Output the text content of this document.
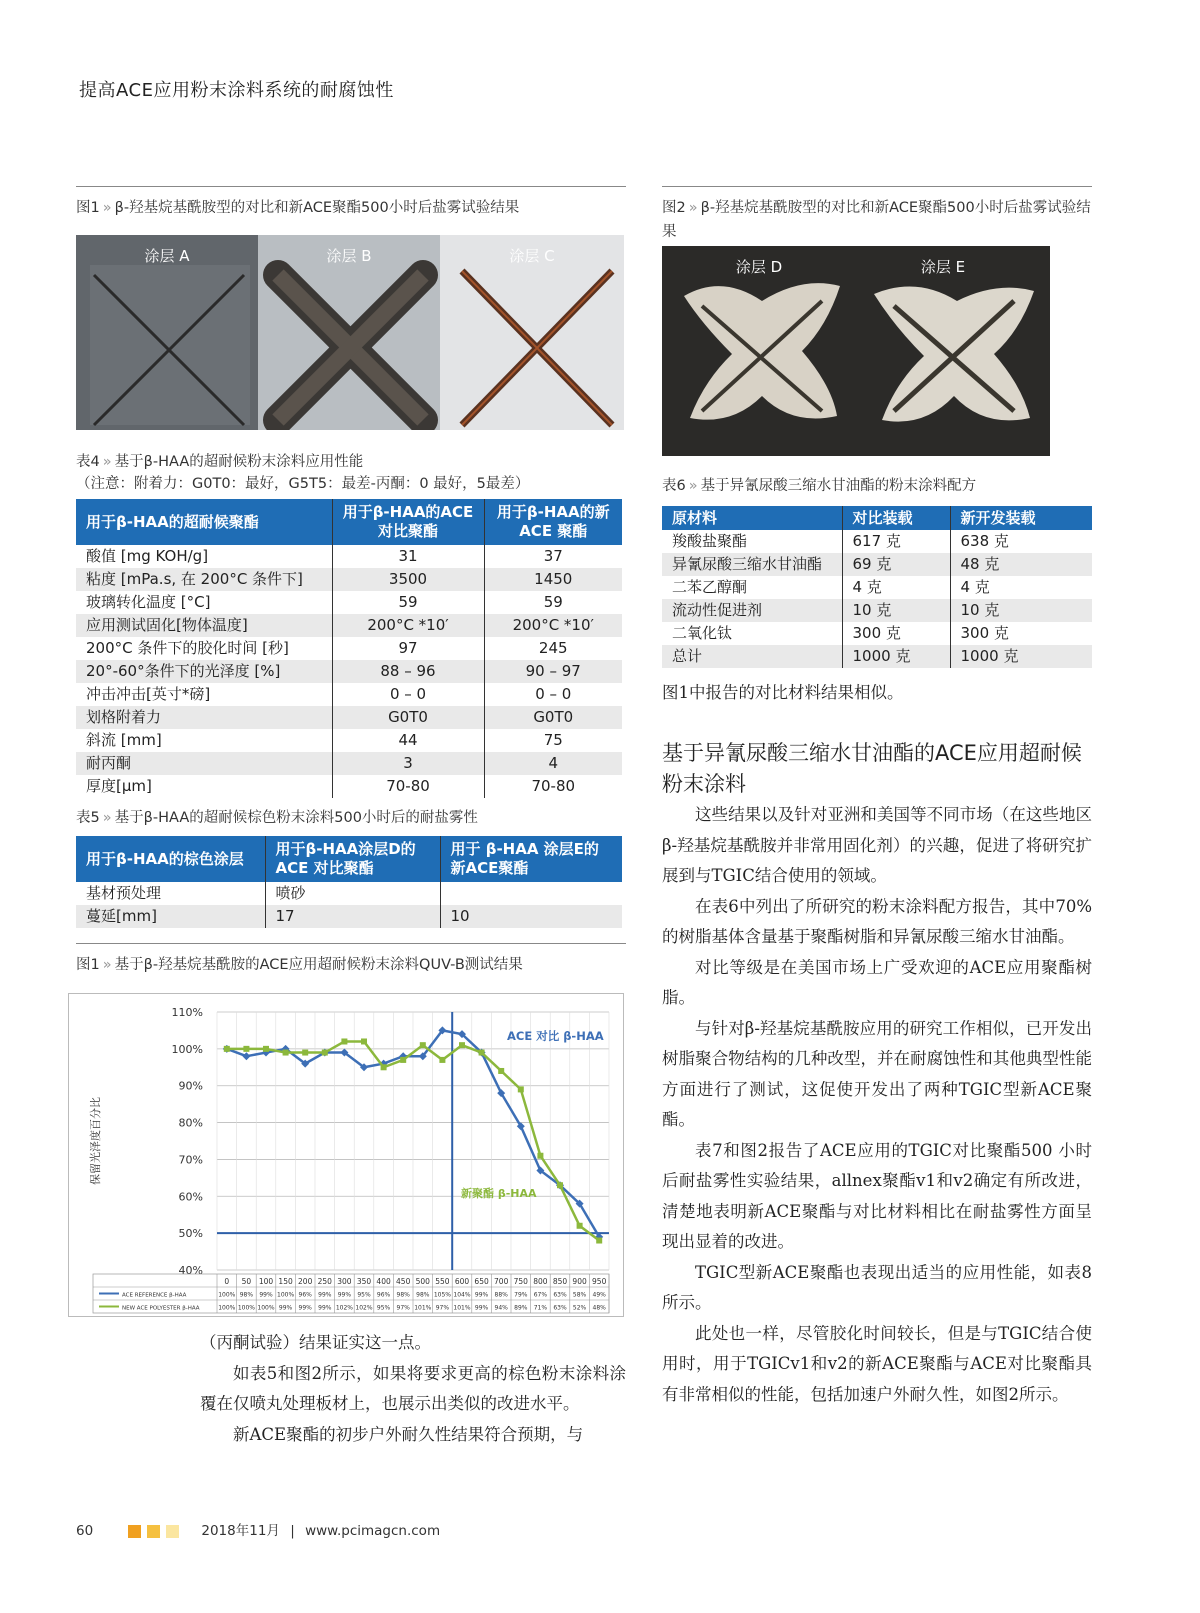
提高ACE应用粉末涂料系统的耐腐蚀性
图1 » β-羟基烷基酰胺型的对比和新ACE聚酯500小时后盐雾试验结果
涂层 A	涂层 B	涂层 C
表4 » 基于β-HAA的超耐候粉末涂料应用性能
（注意：附着力：G0T0：最好，G5T5：最差-丙酮：0 最好，5最差）
用于β-HAA的超耐候聚酯	用于β-HAA的ACE对比聚酯	用于β-HAA的新ACE 聚酯
酸值 [mg KOH/g]	31	37
粘度 [mPa.s, 在 200°C 条件下]	3500	1450
玻璃转化温度 [°C]	59	59
应用测试固化[物体温度]	200°C *10′	200°C *10′
200°C 条件下的胶化时间 [秒]	97	245
20°-60°条件下的光泽度 [%]	88 – 96	90 – 97
冲击冲击[英寸*磅]	0 – 0	0 – 0
划格附着力	G0T0	G0T0
斜流 [mm]	44	75
耐丙酮	3	4
厚度[μm]	70-80	70-80
表5 » 基于β-HAA的超耐候棕色粉末涂料500小时后的耐盐雾性
用于β-HAA的棕色涂层	用于β-HAA涂层D的ACE 对比聚酯	用于 β-HAA 涂层E的新ACE聚酯
基材预处理	喷砂	
蔓延[mm]	17	10
图1 » 基于β-羟基烷基酰胺的ACE应用超耐候粉末涂料QUV-B测试结果
保留光泽度百分比
110%
100%
90%
80%
70%
60%
50%
40%
ACE 对比 β-HAA
新聚酯 β-HAA
0 50 100 150 200 250 300 350 400 450 500 550 600 650 700 750 800 850 900 950
ACE REFERENCE β-HAA	100% 98% 99% 100% 96% 99% 99% 95% 96% 98% 98% 105% 104% 99% 88% 79% 67% 63% 58% 49%
NEW ACE POLYESTER β-HAA	100% 100% 100% 99% 99% 99% 102% 102% 95% 97% 101% 97% 101% 99% 94% 89% 71% 63% 52% 48%

（丙酮试验）结果证实这一点。

如表5和图2所示，如果将要求更高的棕色粉末涂料涂覆在仅喷丸处理板材上，也展示出类似的改进水平。

新ACE聚酯的初步户外耐久性结果符合预期，与

图2 » β-羟基烷基酰胺型的对比和新ACE聚酯500小时后盐雾试验结果
涂层 D	涂层 E
表6 » 基于异氰尿酸三缩水甘油酯的粉末涂料配方
原材料	对比装载	新开发装载
羧酸盐聚酯	617 克	638 克
异氰尿酸三缩水甘油酯	69 克	48 克
二苯乙醇酮	4 克	4 克
流动性促进剂	10 克	10 克
二氧化钛	300 克	300 克
总计	1000 克	1000 克
图1中报告的对比材料结果相似。
基于异氰尿酸三缩水甘油酯的ACE应用超耐候粉末涂料

这些结果以及针对亚洲和美国等不同市场（在这些地区β-羟基烷基酰胺并非常用固化剂）的兴趣，促进了将研究扩展到与TGIC结合使用的领域。

在表6中列出了所研究的粉末涂料配方报告，其中70%的树脂基体含量基于聚酯树脂和异氰尿酸三缩水甘油酯。

对比等级是在美国市场上广受欢迎的ACE应用聚酯树脂。

与针对β-羟基烷基酰胺应用的研究工作相似，已开发出树脂聚合物结构的几种改型，并在耐腐蚀性和其他典型性能方面进行了测试，这促使开发出了两种TGIC型新ACE聚酯。

表7和图2报告了ACE应用的TGIC对比聚酯500 小时后耐盐雾性实验结果，allnex聚酯v1和v2确定有所改进，清楚地表明新ACE聚酯与对比材料相比在耐盐雾性方面呈现出显着的改进。

TGIC型新ACE聚酯也表现出适当的应用性能，如表8所示。

此处也一样，尽管胶化时间较长，但是与TGIC结合使用时，用于TGICv1和v2的新ACE聚酯与ACE对比聚酯具有非常相似的性能，包括加速户外耐久性，如图2所示。

60	2018年11月 | www.pcimagcn.com
